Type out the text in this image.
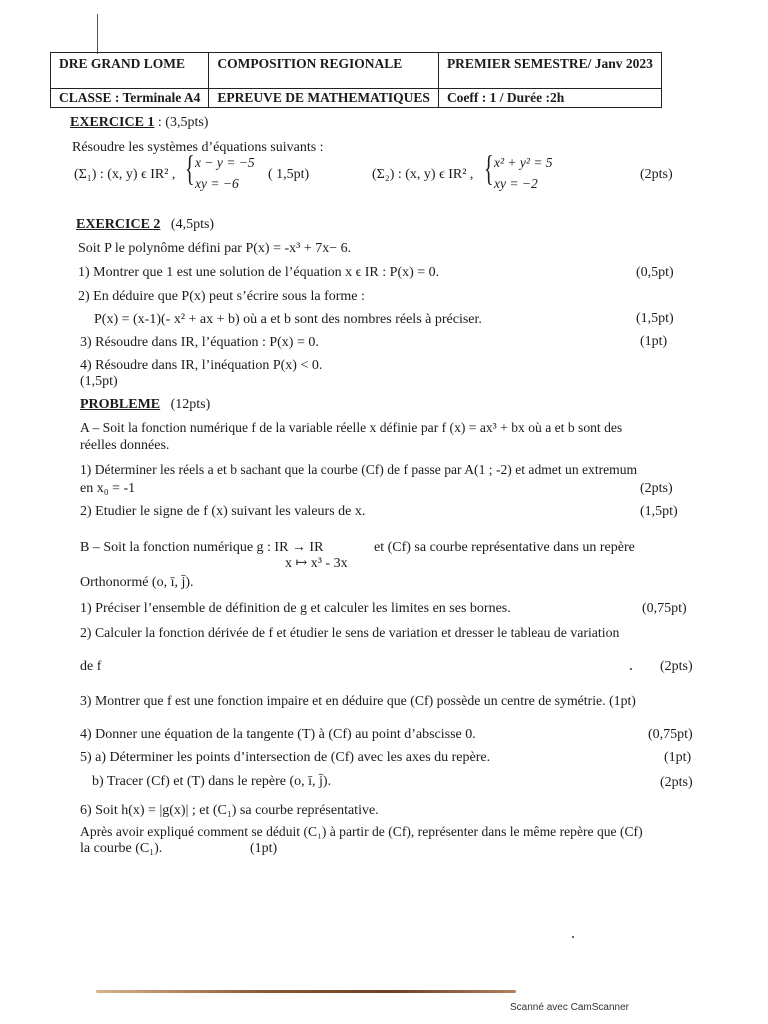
DRE GRAND LOME	COMPOSITION REGIONALE	PREMIER SEMESTRE/ Janv 2023
CLASSE : Terminale A4	EPREUVE DE MATHEMATIQUES	Coeff : 1 / Durée :2h
EXERCICE 1 : (3,5pts)
Résoudre les systèmes d’équations suivants :
(Σ₁) : (x, y) ϵ IR² , { x − y = −5
xy = −6
( 1,5pt)	(Σ₂) : (x, y) ϵ IR² , { x² + y² = 5
xy = −2
(2pts)
EXERCICE 2 (4,5pts)
Soit P le polynôme défini par P(x) = -x³ + 7x− 6.
1) Montrer que 1 est une solution de l’équation x ϵ IR : P(x) = 0.	(0,5pt)
2) En déduire que P(x) peut s’écrire sous la forme :
P(x) = (x-1)(- x² + ax + b) où a et b sont des nombres réels à préciser.	(1,5pt)
3) Résoudre dans IR, l’équation : P(x) = 0.	(1pt)
4) Résoudre dans IR, l’inéquation P(x) < 0.
(1,5pt)
PROBLEME (12pts)
A – Soit la fonction numérique f de la variable réelle x définie par f (x) = ax³ + bx où a et b sont des
réelles données.
1) Déterminer les réels a et b sachant que la courbe (Cf) de f passe par A(1 ; -2) et admet un extremum
en x₀ = -1	(2pts)
2) Etudier le signe de f (x) suivant les valeurs de x.	(1,5pt)
B – Soit la fonction numérique g : IR → IR	et (Cf) sa courbe représentative dans un repère
x ↦ x³ - 3x
Orthonormé (o, ī, j̄).
1) Préciser l’ensemble de définition de g et calculer les limites en ses bornes.	(0,75pt)
2) Calculer la fonction dérivée de f et étudier le sens de variation et dresser le tableau de variation
de f	(2pts)
3) Montrer que f est une fonction impaire et en déduire que (Cf) possède un centre de symétrie. (1pt)
4) Donner une équation de la tangente (T) à (Cf) au point d’abscisse 0.	(0,75pt)
5) a) Déterminer les points d’intersection de (Cf) avec les axes du repère.	(1pt)
b) Tracer (Cf) et (T) dans le repère (o, ī, j̄).	(2pts)
6) Soit h(x) = |g(x)| ; et (C₁) sa courbe représentative.
Après avoir expliqué comment se déduit (C₁) à partir de (Cf), représenter dans le même repère que (Cf)
la courbe (C₁).	(1pt)
Scanné avec CamScanner
